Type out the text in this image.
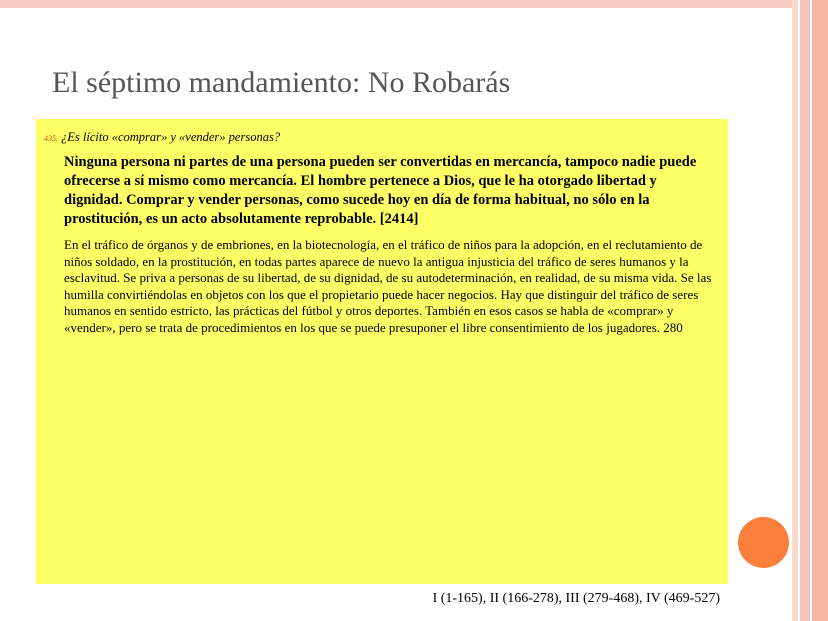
El séptimo mandamiento: No Robarás
435. ¿Es lícito «comprar» y «vender» personas?

Ninguna persona ni partes de una persona pueden ser convertidas en mercancía, tampoco nadie puede ofrecerse a sí mismo como mercancía. El hombre pertenece a Dios, que le ha otorgado libertad y dignidad. Comprar y vender personas, como sucede hoy en día de forma habitual, no sólo en la prostitución, es un acto absolutamente reprobable. [2414]

En el tráfico de órganos y de embriones, en la biotecnología, en el tráfico de niños para la adopción, en el reclutamiento de niños soldado, en la prostitución, en todas partes aparece de nuevo la antigua injusticia del tráfico de seres humanos y la esclavitud. Se priva a personas de su libertad, de su dignidad, de su autodeterminación, en realidad, de su misma vida. Se las humilla convirtiéndolas en objetos con los que el propietario puede hacer negocios. Hay que distinguir del tráfico de seres humanos en sentido estricto, las prácticas del fútbol y otros deportes. También en esos casos se habla de «comprar» y «vender», pero se trata de procedimientos en los que se puede presuponer el libre consentimiento de los jugadores. 280

I (1-165), II (166-278), III (279-468), IV (469-527)
